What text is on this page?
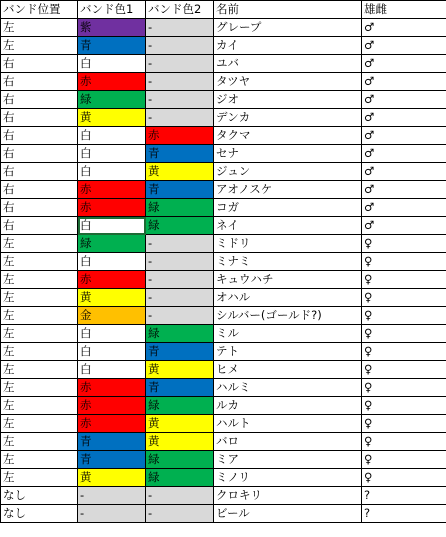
バンド位置	バンド色1	バンド色2	名前	雄雌
左	紫	-	グレープ	♂
左	青	-	カイ	♂
右	白	-	ユバ	♂
右	赤	-	タツヤ	♂
右	緑	-	ジオ	♂
右	黄	-	デンカ	♂
右	白	赤	タクマ	♂
右	白	青	セナ	♂
右	白	黄	ジュン	♂
右	赤	青	アオノスケ	♂
右	赤	緑	コガ	♂
右	白	緑	ネイ	♂
左	緑	-	ミドリ	♀
左	白	-	ミナミ	♀
左	赤	-	キュウハチ	♀
左	黄	-	オハル	♀
左	金	-	シルバー(ゴールド?)	♀
左	白	緑	ミル	♀
左	白	青	テト	♀
左	白	黄	ヒメ	♀
左	赤	青	ハルミ	♀
左	赤	緑	ルカ	♀
左	赤	黄	ハルト	♀
左	青	黄	バロ	♀
左	青	緑	ミア	♀
左	黄	緑	ミノリ	♀
なし	-	-	クロキリ	?
なし	-	-	ビール	?
